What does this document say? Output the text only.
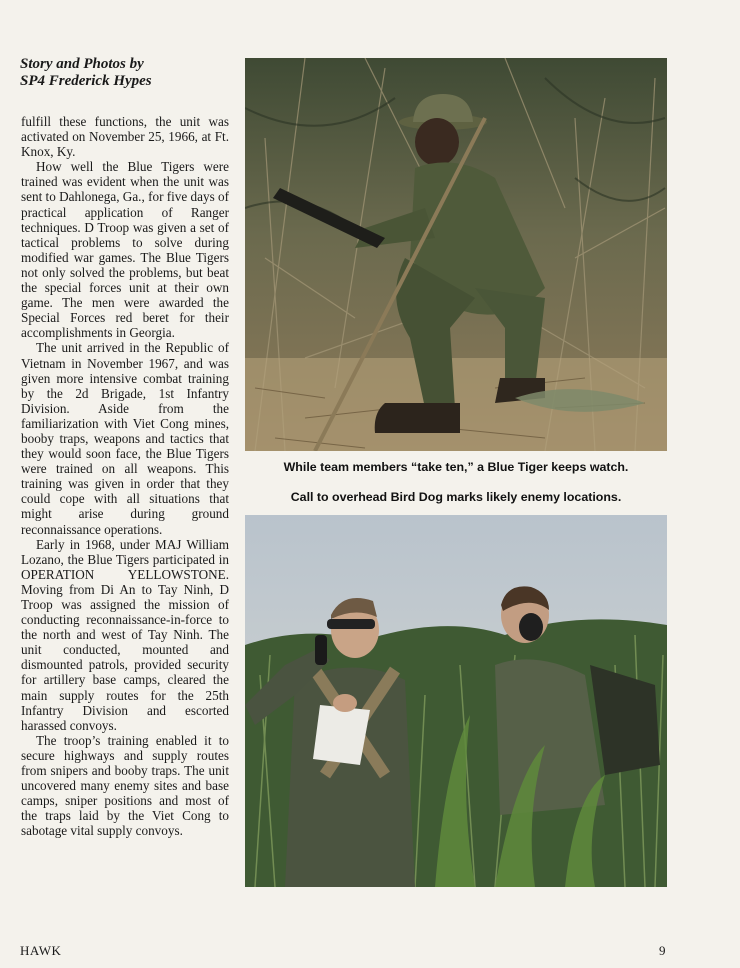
Story and Photos by
SP4 Frederick Hypes

fulfill these functions, the unit was activated on November 25, 1966, at Ft. Knox, Ky.

How well the Blue Tigers were trained was evident when the unit was sent to Dahlonega, Ga., for five days of practical application of Ranger techniques. D Troop was given a set of tactical problems to solve during modified war games. The Blue Tigers not only solved the problems, but beat the special forces unit at their own game. The men were awarded the Special Forces red beret for their accomplishments in Georgia.

The unit arrived in the Republic of Vietnam in November 1967, and was given more intensive combat training by the 2d Brigade, 1st Infantry Division. Aside from the familiarization with Viet Cong mines, booby traps, weapons and tactics that they would soon face, the Blue Tigers were trained on all weapons. This training was given in order that they could cope with all situations that might arise during ground reconnaissance operations.

Early in 1968, under MAJ William Lozano, the Blue Tigers participated in OPERATION YELLOWSTONE. Moving from Di An to Tay Ninh, D Troop was assigned the mission of conducting reconnaissance-in-force to the north and west of Tay Ninh. The unit conducted, mounted and dismounted patrols, provided security for artillery base camps, cleared the main supply routes for the 25th Infantry Division and escorted harassed convoys.

The troop’s training enabled it to secure highways and supply routes from snipers and booby traps. The unit uncovered many enemy sites and base camps, sniper positions and most of the traps laid by the Viet Cong to sabotage vital supply convoys.

While team members “take ten,” a Blue Tiger keeps watch.

Call to overhead Bird Dog marks likely enemy locations.

HAWK	9
